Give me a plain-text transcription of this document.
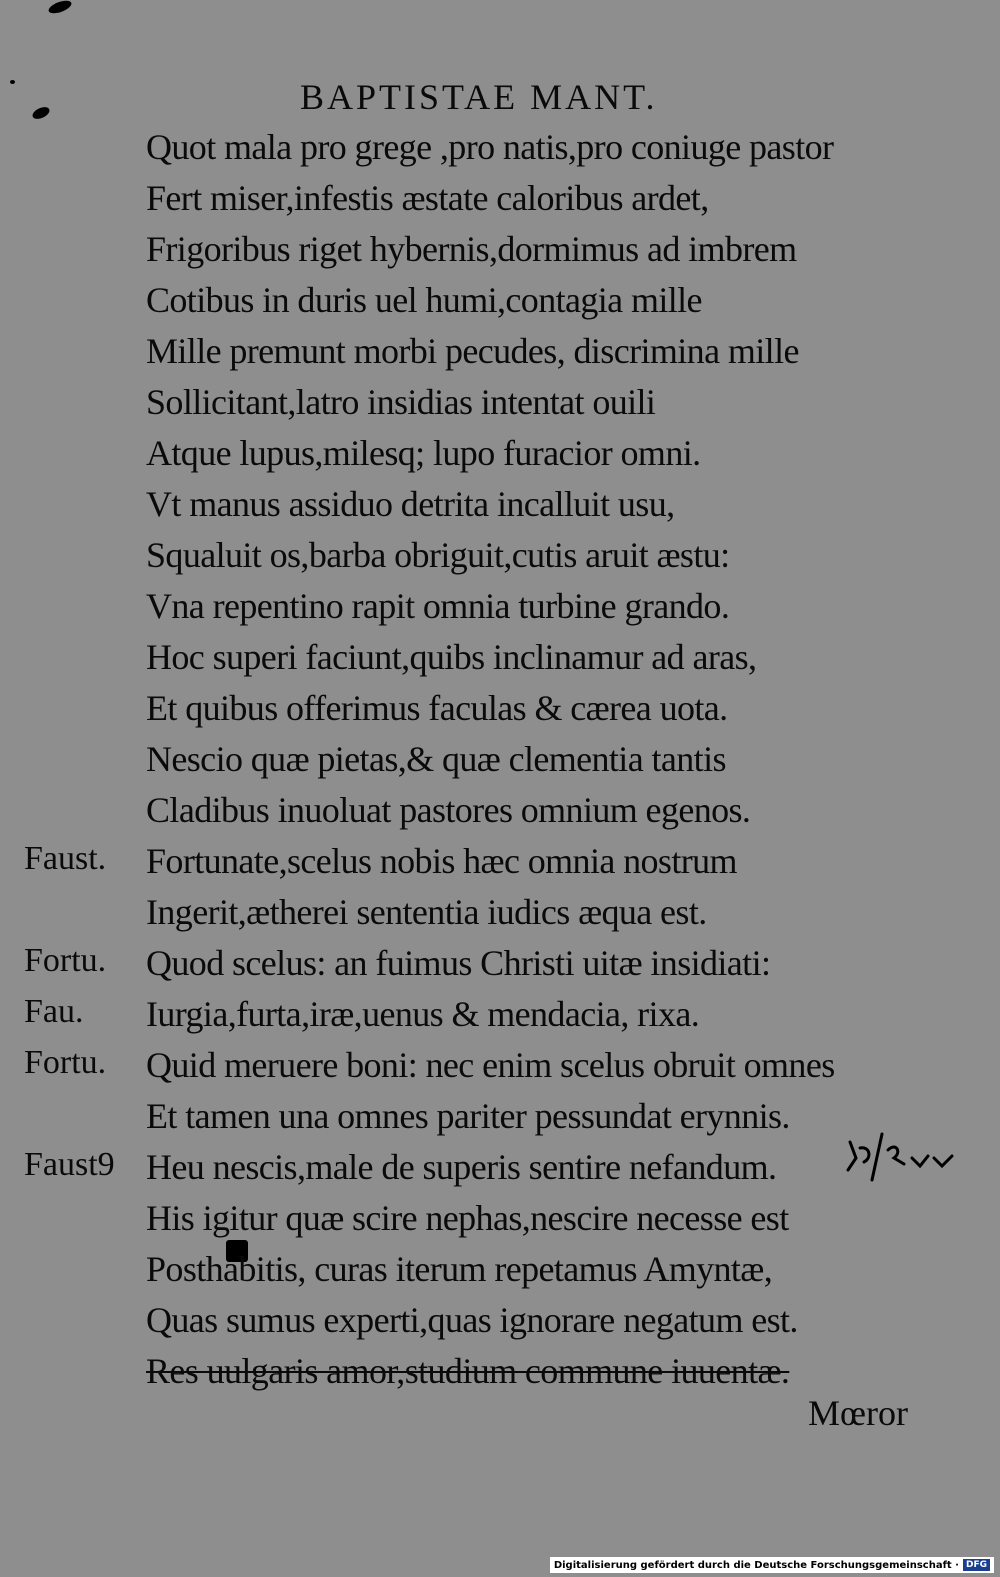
BAPTISTAE MANT.
Quot mala pro grege ,pro natis,pro coniuge pastor
Fert miser,infestis æstate caloribus ardet,
Frigoribus riget hybernis,dormimus ad imbrem
Cotibus in duris uel humi,contagia mille
Mille premunt morbi pecudes, discrimina mille
Sollicitant,latro insidias intentat ouili
Atque lupus,milesq; lupo furacior omni.
Vt manus assiduo detrita incalluit usu,
Squaluit os,barba obriguit,cutis aruit æstu:
Vna repentino rapit omnia turbine grando.
Hoc superi faciunt,quibs inclinamur ad aras,
Et quibus offerimus faculas & cærea uota.
Nescio quæ pietas,& quæ clementia tantis
Cladibus inuoluat pastores omnium egenos.
Faust. Fortunate,scelus nobis hæc omnia nostrum
Ingerit,ætherei sententia iudics æqua est.
Fortu. Quod scelus: an fuimus Christi uitæ insidiati:
Fau. Iurgia,furta,iræ,uenus & mendacia, rixa.
Fortu. Quid meruere boni: nec enim scelus obruit omnes
Et tamen una omnes pariter pessundat erynnis.
Faust9 Heu nescis,male de superis sentire nefandum.
His igitur quæ scire nephas,nescire necesse est
Posthabitis, curas iterum repetamus Amyntæ,
Quas sumus experti,quas ignorare negatum est.
Res uulgaris amor,studium commune iuuentæ.
Mœror
Digitalisierung gefördert durch die Deutsche Forschungsgemeinschaft · DFG
